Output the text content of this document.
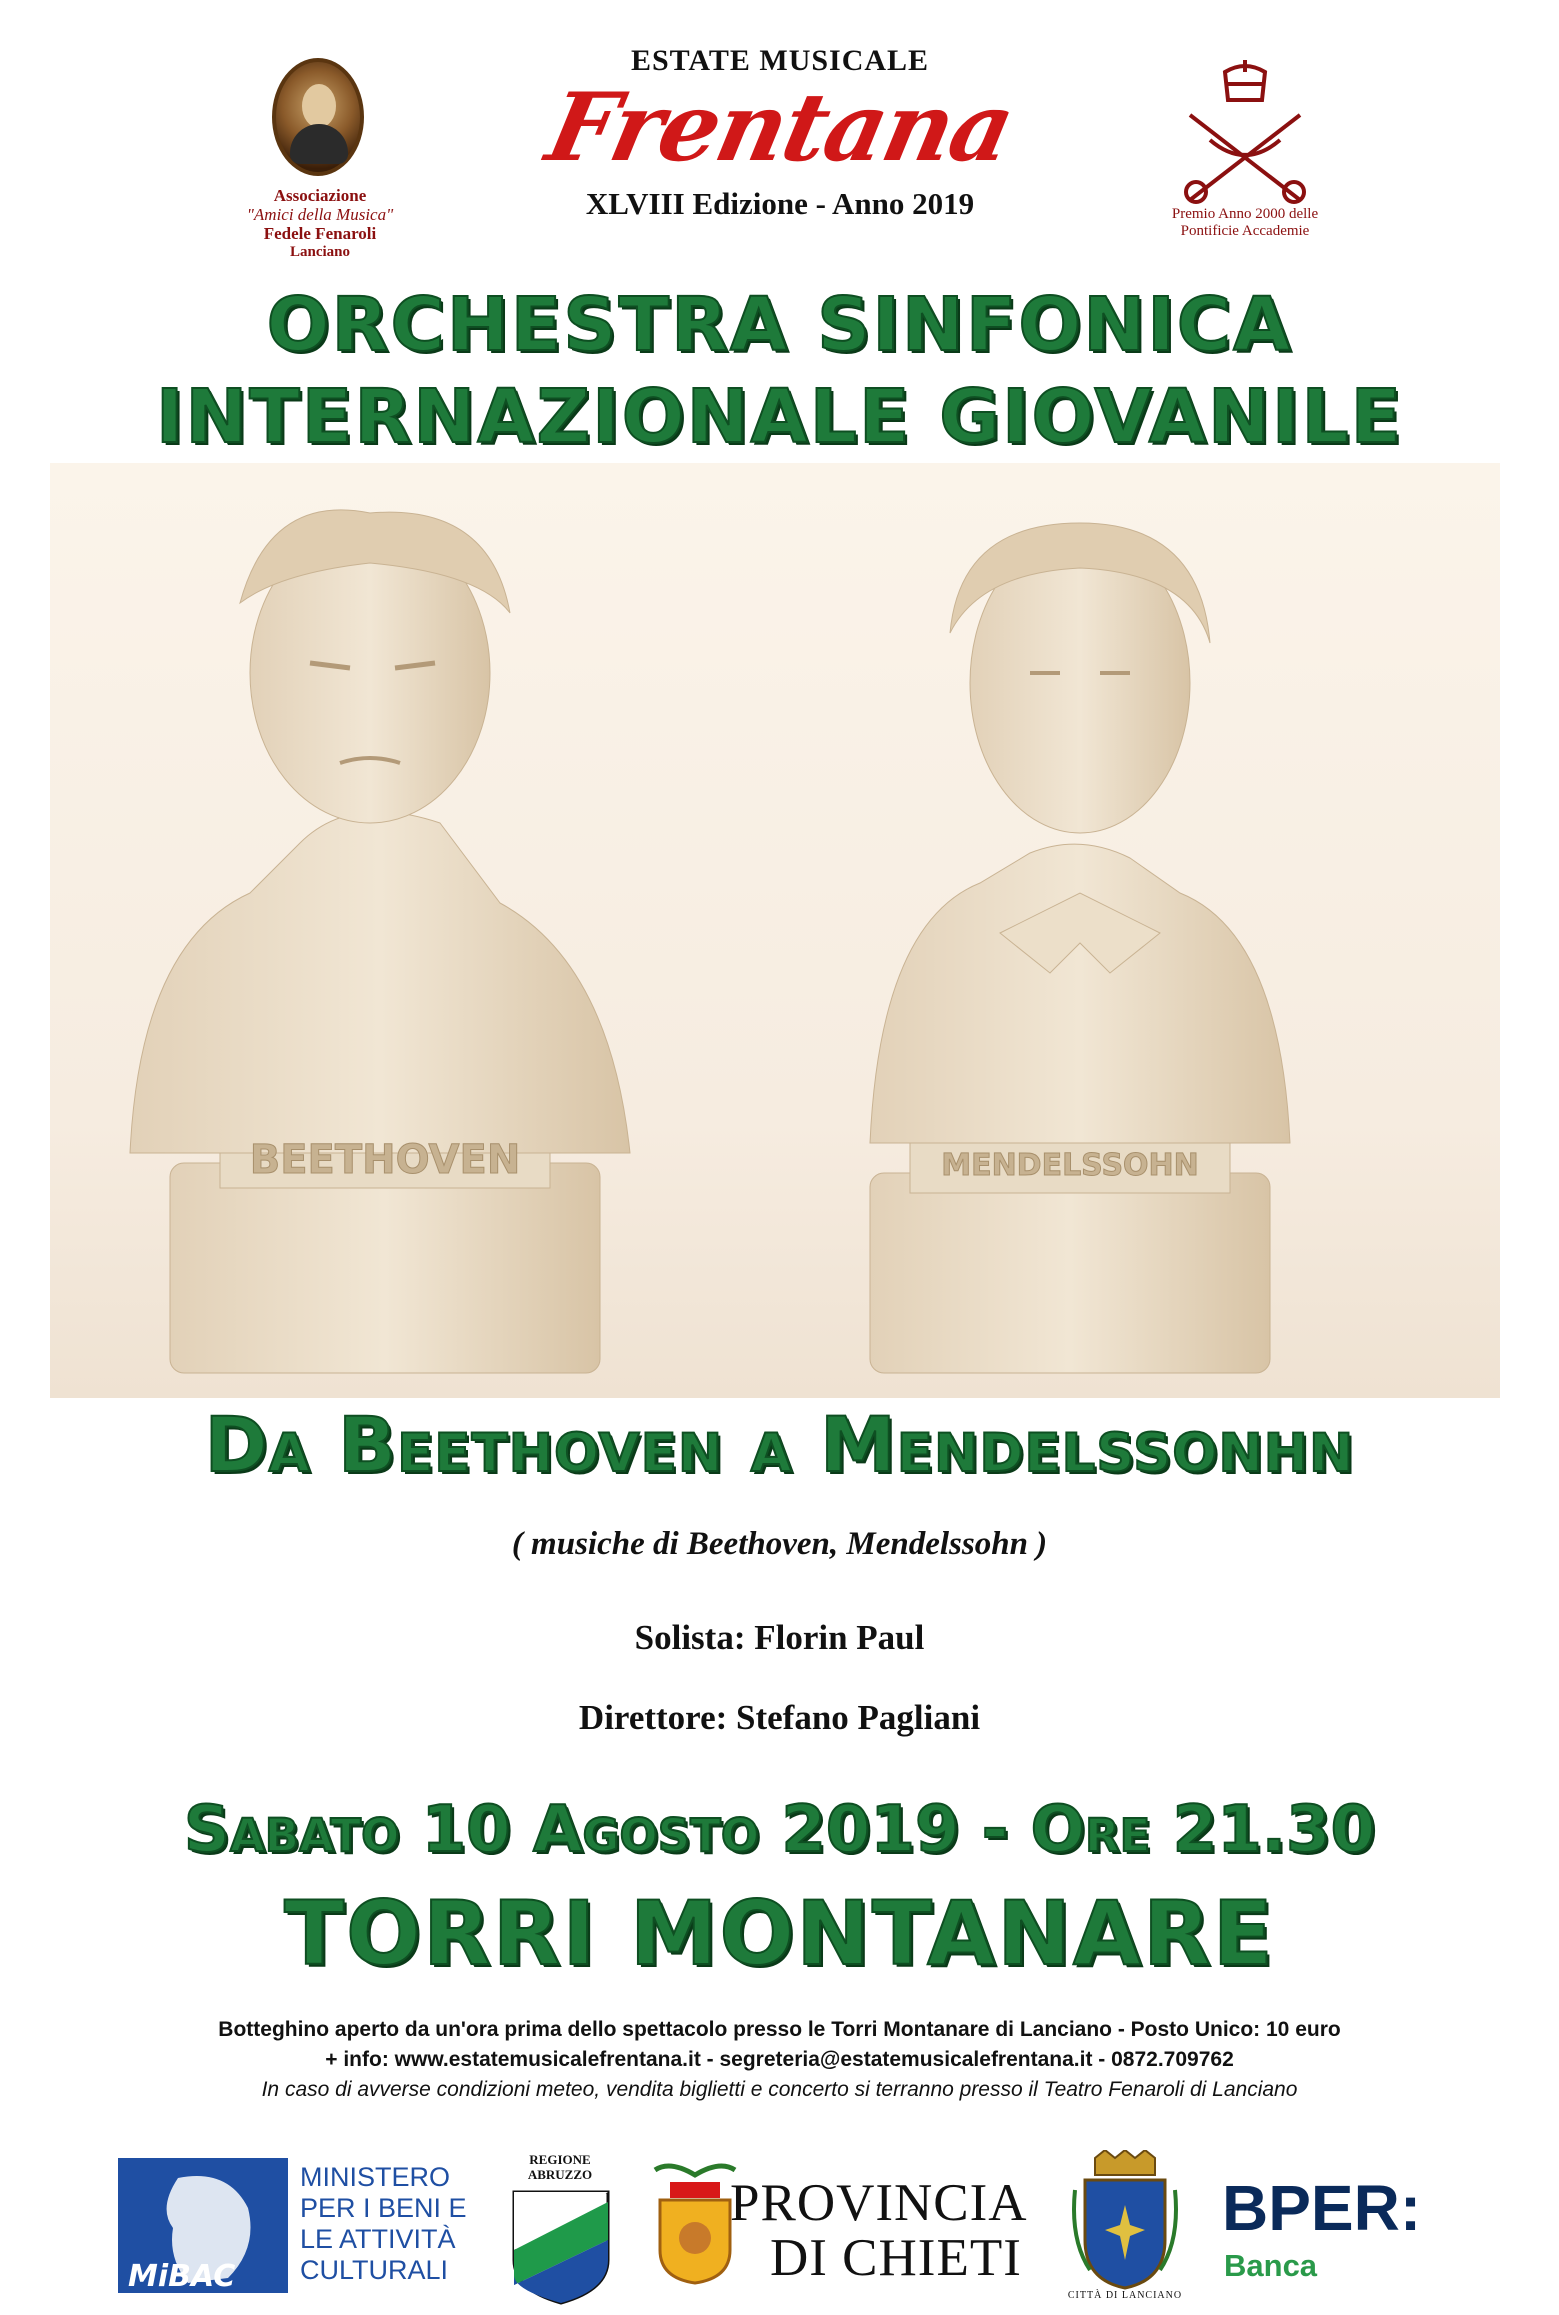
Associazione
"Amici della Musica"
Fedele Fenaroli
Lanciano
ESTATE MUSICALE
Frentana
XLVIII Edizione - Anno 2019	Premio Anno 2000 delle
Pontificie Accademie
ORCHESTRA SINFONICA
INTERNAZIONALE GIOVANILE
BEETHOVEN	MENDELSSOHN
Da Beethoven a Mendelssonhn
( musiche di Beethoven, Mendelssohn )
Solista: Florin Paul
Direttore: Stefano Pagliani
Sabato 10 Agosto 2019 - Ore 21.30
TORRI MONTANARE
Botteghino aperto da un'ora prima dello spettacolo presso le Torri Montanare di Lanciano - Posto Unico: 10 euro
+ info: www.estatemusicalefrentana.it - segreteria@estatemusicalefrentana.it - 0872.709762
In caso di avverse condizioni meteo, vendita biglietti e concerto si terranno presso il Teatro Fenaroli di Lanciano
MiBAC
MINISTERO
PER I BENI E
LE ATTIVITÀ
CULTURALI
REGIONE
ABRUZZO	PROVINCIA
DI CHIETI
CITTÀ DI LANCIANO
BPER:
Banca
